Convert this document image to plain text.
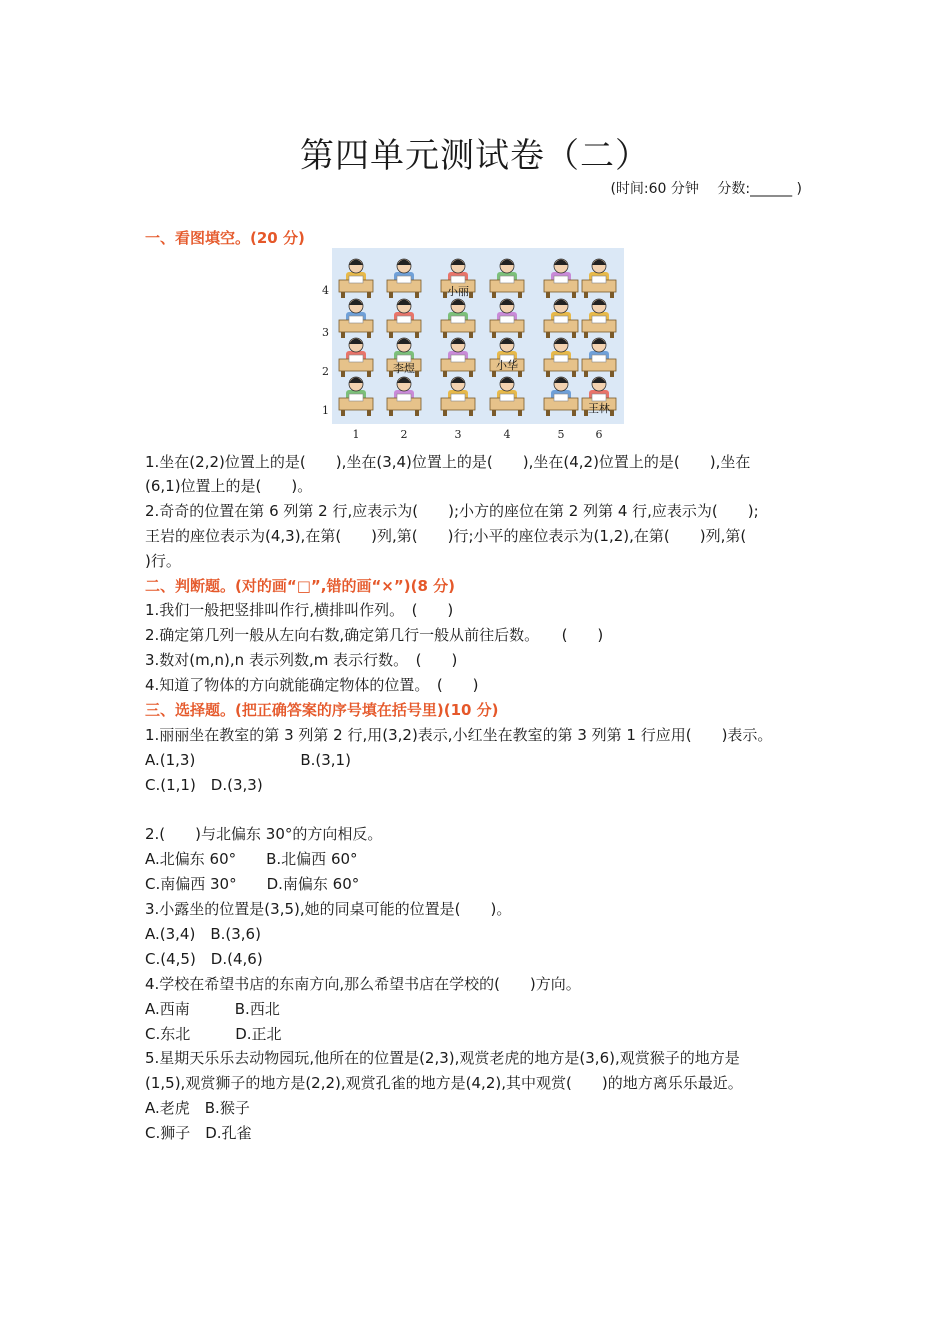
第四单元测试卷（二）
(时间:60 分钟　 分数:______ )
一、看图填空。(20 分)
4
3
2
1
1	2	3	4	5	6
小丽
李煜	小华
王林
1.坐在(2,2)位置上的是(　　),坐在(3,4)位置上的是(　　),坐在(4,2)位置上的是(　　),坐在
(6,1)位置上的是(　　)。
2.奇奇的位置在第 6 列第 2 行,应表示为(　　);小方的座位在第 2 列第 4 行,应表示为(　　);
王岩的座位表示为(4,3),在第(　　)列,第(　　)行;小平的座位表示为(1,2),在第(　　)列,第(
)行。
二、判断题。(对的画“□”,错的画“×”)(8 分)
1.我们一般把竖排叫作行,横排叫作列。　(　　)
2.确定第几列一般从左向右数,确定第几行一般从前往后数。　　(　　)
3.数对(m,n),n 表示列数,m 表示行数。　(　　)
4.知道了物体的方向就能确定物体的位置。　(　　)
三、选择题。(把正确答案的序号填在括号里)(10 分)
1.丽丽坐在教室的第 3 列第 2 行,用(3,2)表示,小红坐在教室的第 3 列第 1 行应用(　　)表示。
A.(1,3)　　　　　　　B.(3,1)
C.(1,1)　D.(3,3)
2.(　　)与北偏东 30°的方向相反。
A.北偏东 60°　　B.北偏西 60°
C.南偏西 30°　　D.南偏东 60°
3.小露坐的位置是(3,5),她的同桌可能的位置是(　　)。
A.(3,4)　B.(3,6)
C.(4,5)　D.(4,6)
4.学校在希望书店的东南方向,那么希望书店在学校的(　　)方向。
A.西南　　　B.西北
C.东北　　　D.正北
5.星期天乐乐去动物园玩,他所在的位置是(2,3),观赏老虎的地方是(3,6),观赏猴子的地方是
(1,5),观赏狮子的地方是(2,2),观赏孔雀的地方是(4,2),其中观赏(　　)的地方离乐乐最近。
A.老虎　B.猴子
C.狮子　D.孔雀
